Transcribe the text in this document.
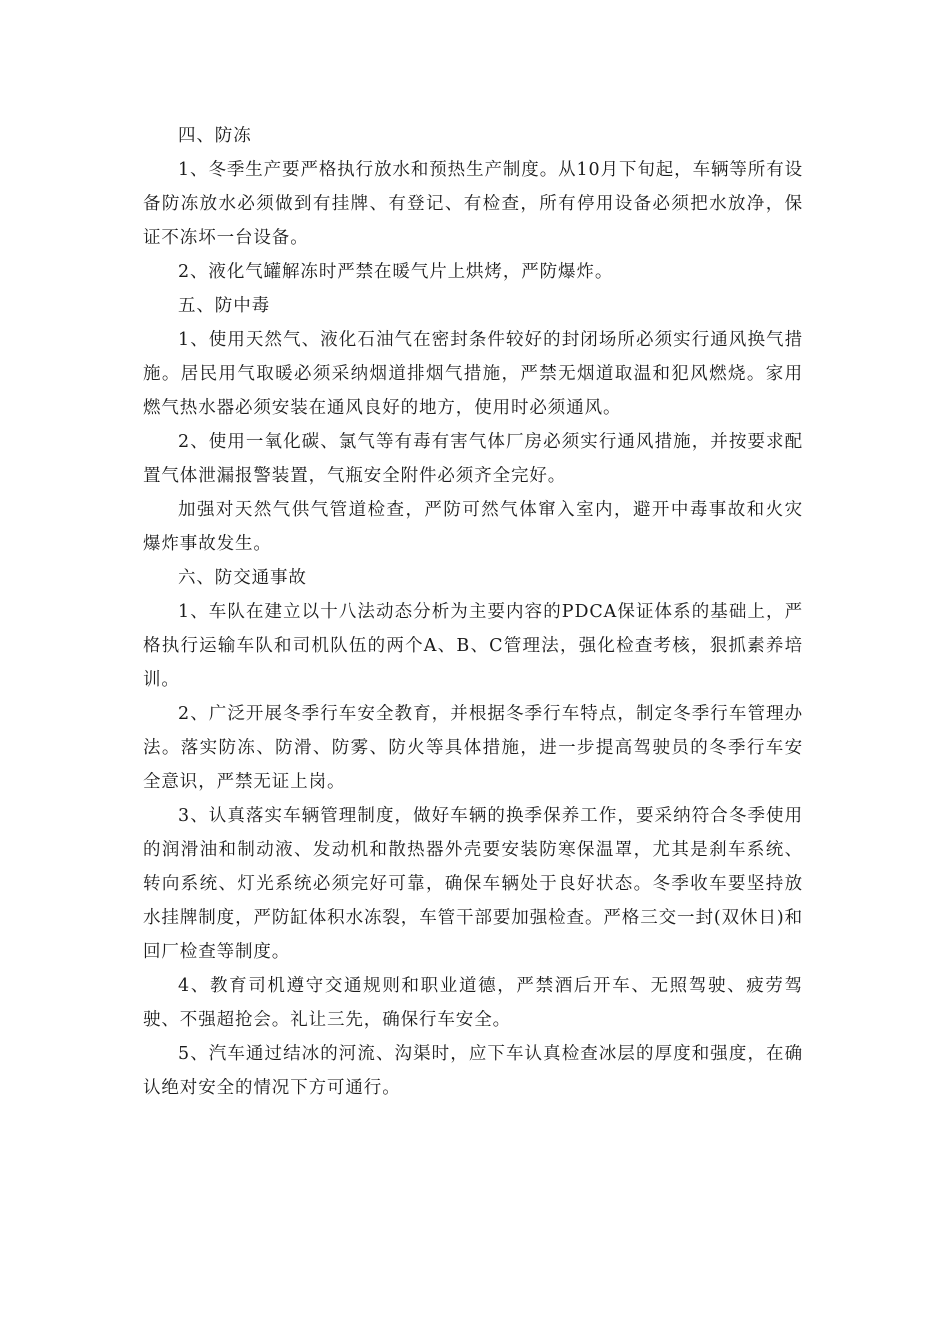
四、防冻

1、冬季生产要严格执行放水和预热生产制度。从10月下旬起，车辆等所有设备防冻放水必须做到有挂牌、有登记、有检查，所有停用设备必须把水放净，保证不冻坏一台设备。

2、液化气罐解冻时严禁在暖气片上烘烤，严防爆炸。

五、防中毒

1、使用天然气、液化石油气在密封条件较好的封闭场所必须实行通风换气措施。居民用气取暖必须采纳烟道排烟气措施，严禁无烟道取温和犯风燃烧。家用燃气热水器必须安装在通风良好的地方，使用时必须通风。

2、使用一氧化碳、氯气等有毒有害气体厂房必须实行通风措施，并按要求配置气体泄漏报警装置，气瓶安全附件必须齐全完好。

加强对天然气供气管道检查，严防可然气体窜入室内，避开中毒事故和火灾爆炸事故发生。

六、防交通事故

1、车队在建立以十八法动态分析为主要内容的PDCA保证体系的基础上，严格执行运输车队和司机队伍的两个A、B、C管理法，强化检查考核，狠抓素养培训。

2、广泛开展冬季行车安全教育，并根据冬季行车特点，制定冬季行车管理办法。落实防冻、防滑、防雾、防火等具体措施，进一步提高驾驶员的冬季行车安全意识，严禁无证上岗。

3、认真落实车辆管理制度，做好车辆的换季保养工作，要采纳符合冬季使用的润滑油和制动液、发动机和散热器外壳要安装防寒保温罩，尤其是刹车系统、转向系统、灯光系统必须完好可靠，确保车辆处于良好状态。冬季收车要坚持放水挂牌制度，严防缸体积水冻裂，车管干部要加强检查。严格三交一封(双休日)和回厂检查等制度。

4、教育司机遵守交通规则和职业道德，严禁酒后开车、无照驾驶、疲劳驾驶、不强超抢会。礼让三先，确保行车安全。

5、汽车通过结冰的河流、沟渠时，应下车认真检查冰层的厚度和强度，在确认绝对安全的情况下方可通行。
